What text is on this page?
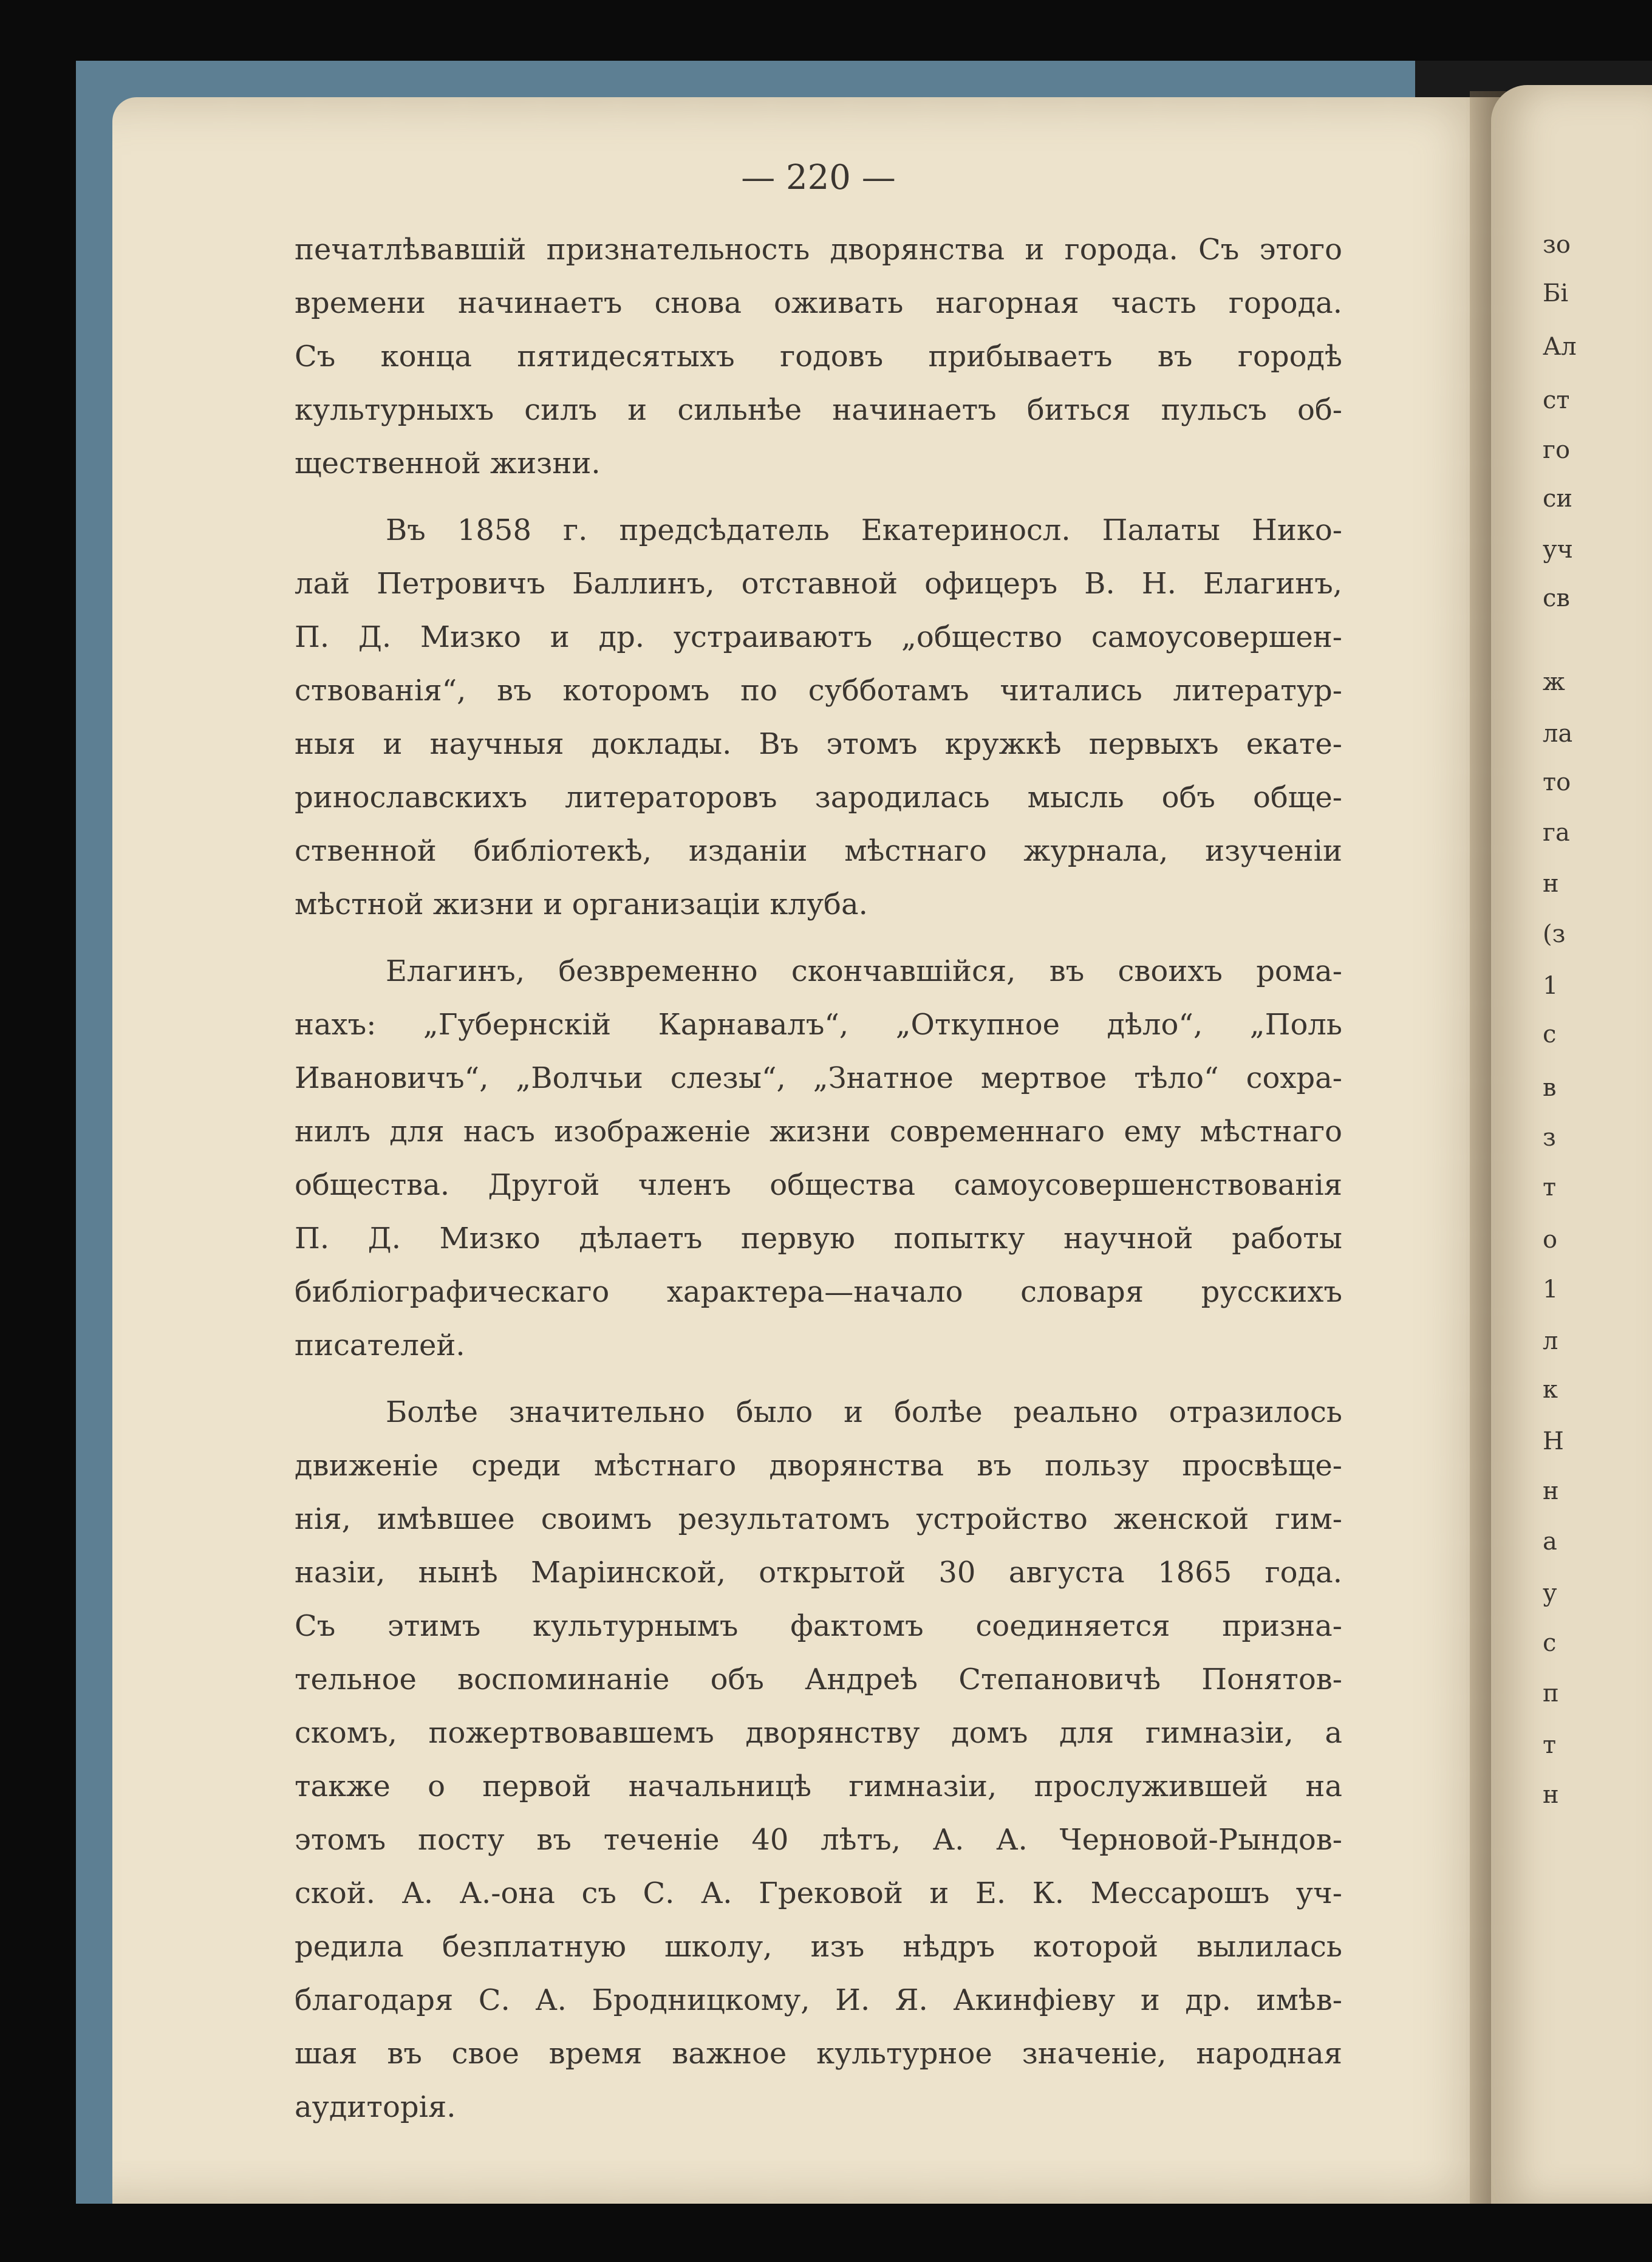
зо
Бі
Ал
ст
го
си
уч
св
ж
ла
то
га
н
(з
1
с
в
з
т
о
1
л
к
Н
н
а
у
с
п
т
н
— 220 —
печатлѣвавшій признательность дворянства и города. Съ этого
времени начинаетъ снова оживать нагорная часть города.
Съ конца пятидесятыхъ годовъ прибываетъ въ городѣ
культурныхъ силъ и сильнѣе начинаетъ биться пульсъ об-
щественной жизни.
Въ 1858 г. предсѣдатель Екатериносл. Палаты Нико-
лай Петровичъ Баллинъ, отставной офицеръ В. Н. Елагинъ,
П. Д. Мизко и др. устраиваютъ „общество самоусовершен-
ствованія“, въ которомъ по субботамъ читались литератур-
ныя и научныя доклады. Въ этомъ кружкѣ первыхъ екате-
ринославскихъ литераторовъ зародилась мысль объ обще-
ственной библіотекѣ, изданіи мѣстнаго журнала, изученіи
мѣстной жизни и организаціи клуба.
Елагинъ, безвременно скончавшійся, въ своихъ рома-
нахъ: „Губернскій Карнавалъ“, „Откупное дѣло“, „Поль
Ивановичъ“, „Волчьи слезы“, „Знатное мертвое тѣло“ сохра-
нилъ для насъ изображеніе жизни современнаго ему мѣстнаго
общества. Другой членъ общества самоусовершенствованія
П. Д. Мизко дѣлаетъ первую попытку научной работы
библіографическаго характера—начало словаря русскихъ
писателей.
Болѣе значительно было и болѣе реально отразилось
движеніе среди мѣстнаго дворянства въ пользу просвѣще-
нія, имѣвшее своимъ результатомъ устройство женской гим-
назіи, нынѣ Маріинской, открытой 30 августа 1865 года.
Съ этимъ культурнымъ фактомъ соединяется призна-
тельное воспоминаніе объ Андреѣ Степановичѣ Понятов-
скомъ, пожертвовавшемъ дворянству домъ для гимназіи, а
также о первой начальницѣ гимназіи, прослужившей на
этомъ посту въ теченіе 40 лѣтъ, А. А. Черновой-Рындов-
ской. А. А.-она съ С. А. Грековой и Е. К. Мессарошъ уч-
редила безплатную школу, изъ нѣдръ которой вылилась
благодаря С. А. Бродницкому, И. Я. Акинфіеву и др. имѣв-
шая въ свое время важное культурное значеніе, народная
аудиторія.
